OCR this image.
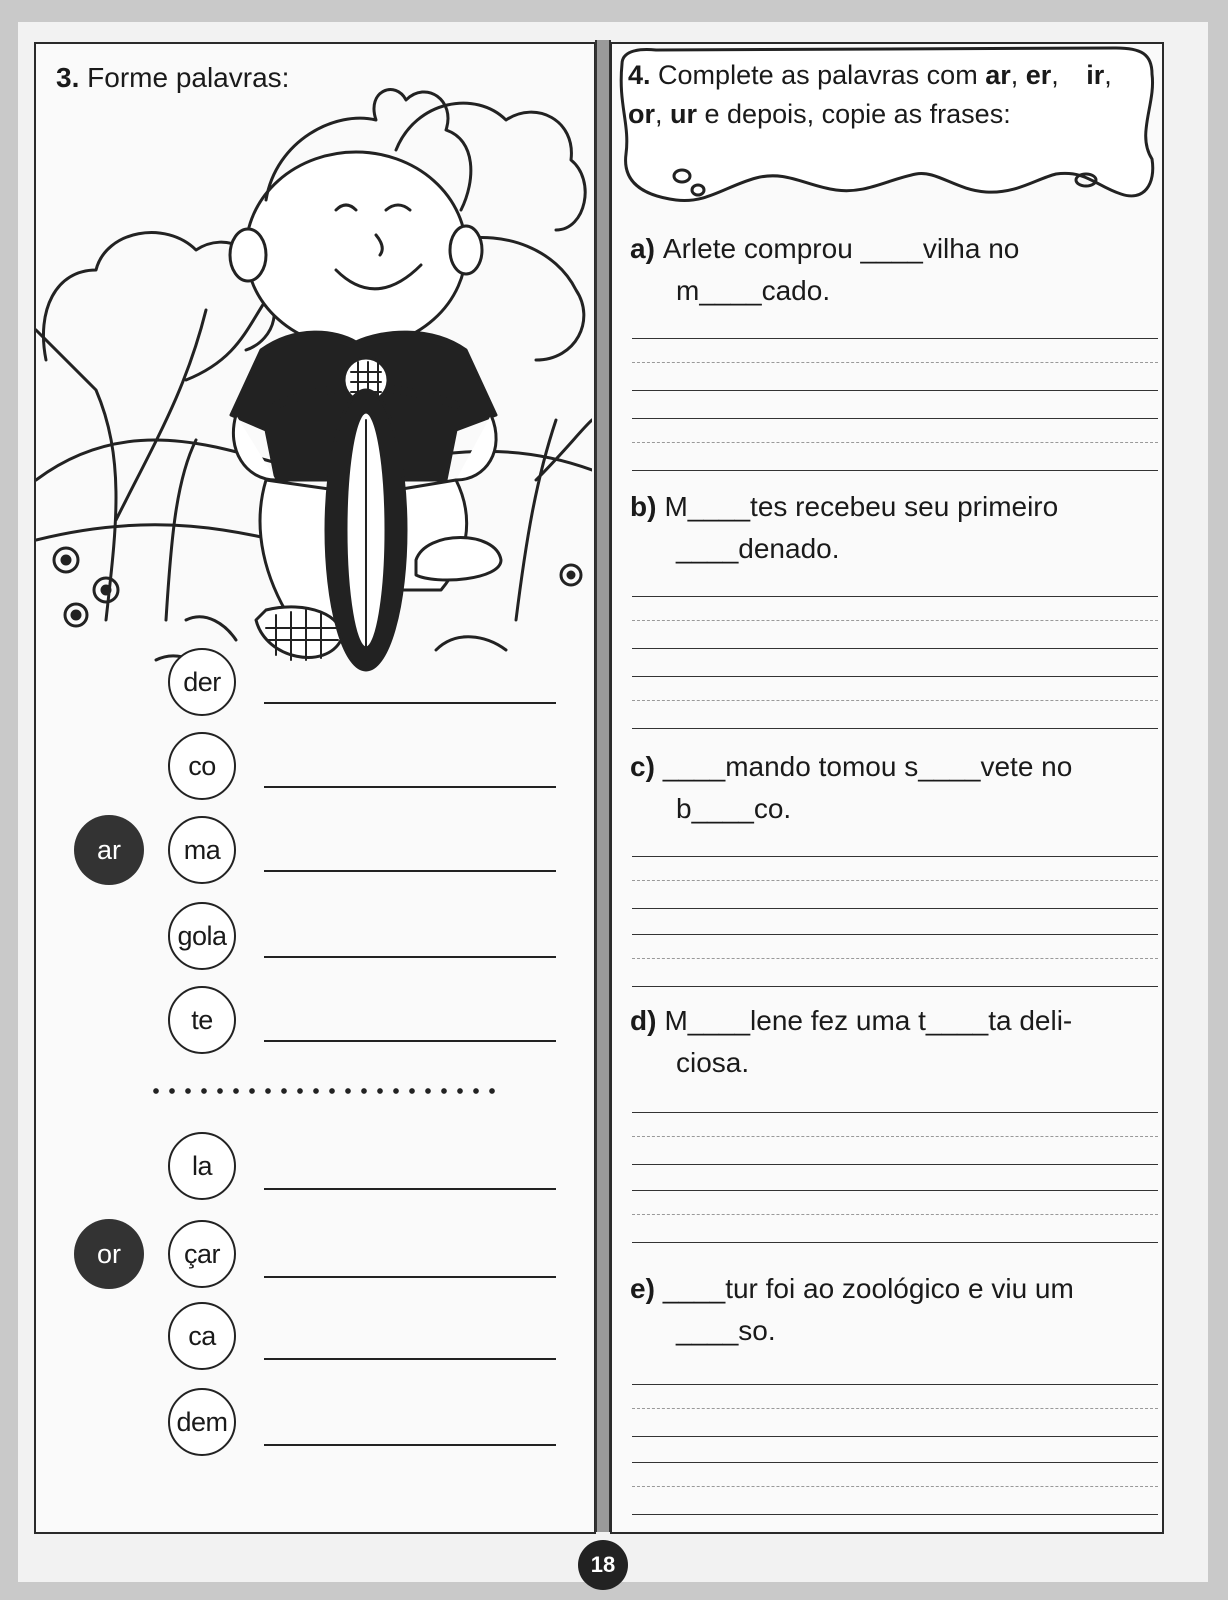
3. Forme palavras:
ar
der
co
ma
gola
te
or
la
çar
ca
dem
4. Complete as palavras com ar, er, ir, or, ur e depois, copie as frases:
a) Arlete comprou ____vilha no
m____cado.
b) M____tes recebeu seu primeiro
____denado.
c) ____mando tomou s____vete no
b____co.
d) M____lene fez uma t____ta deli-
ciosa.
e) ____tur foi ao zoológico e viu um
____so.
18
